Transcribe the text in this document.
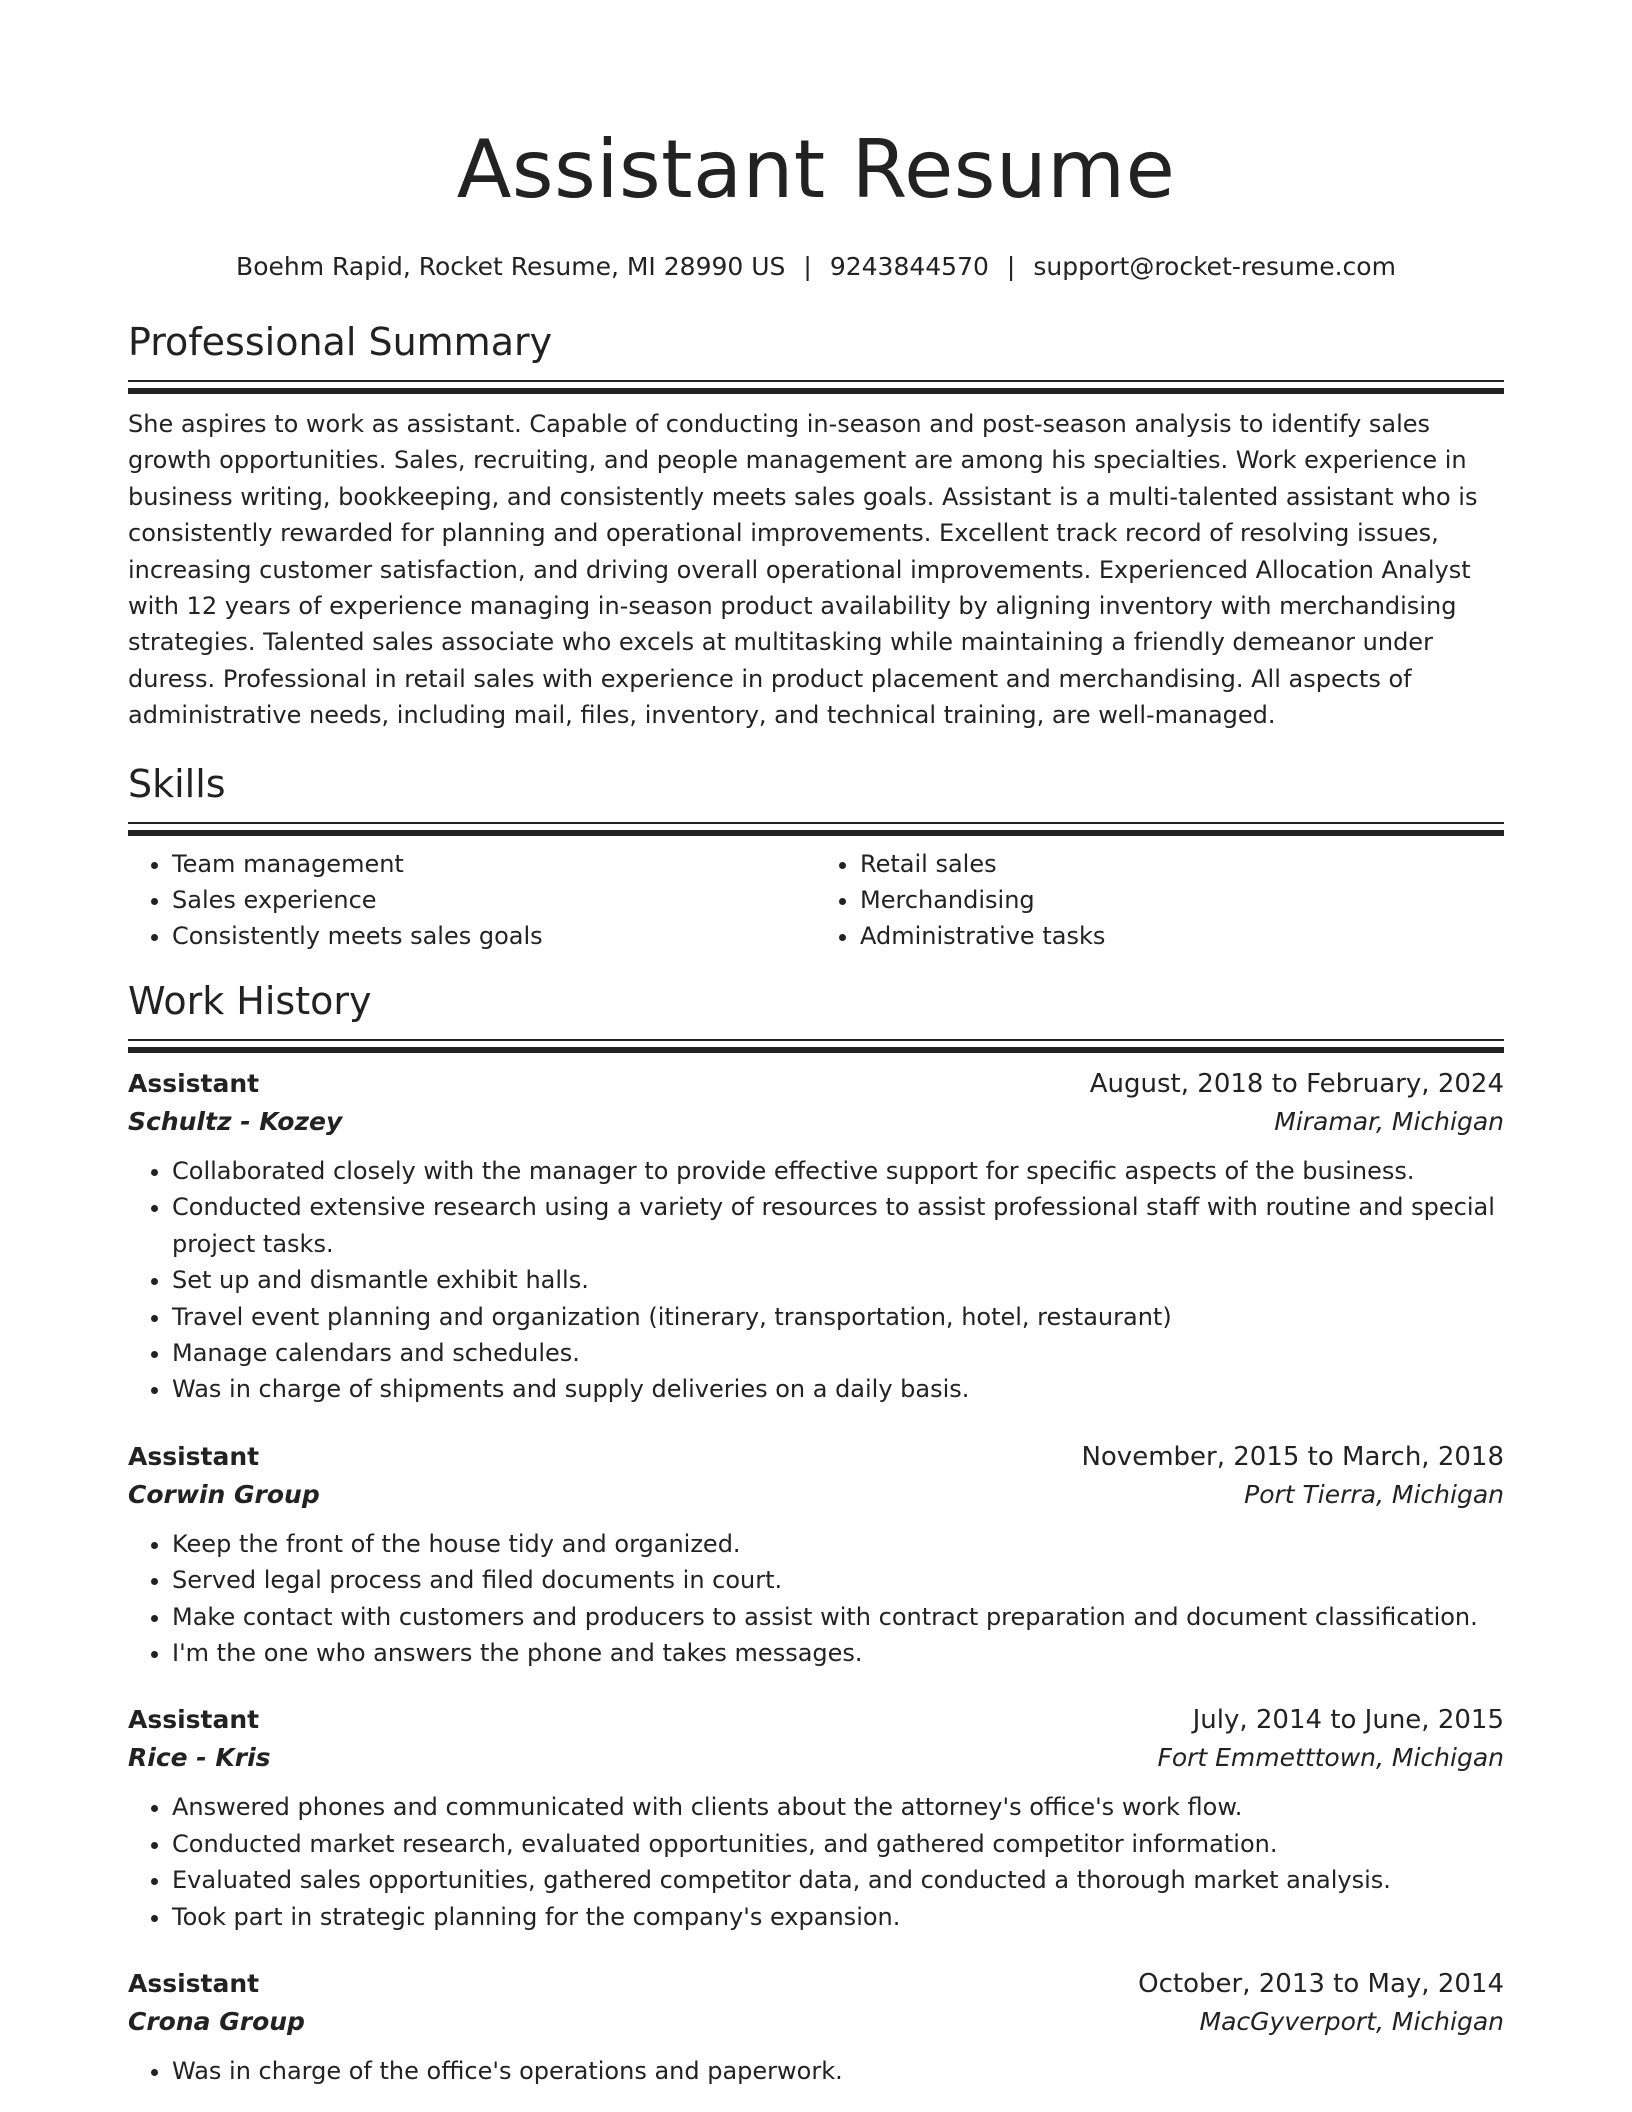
Assistant Resume
Boehm Rapid, Rocket Resume, MI 28990 US | 9243844570 | support@rocket-resume.com
Professional Summary
She aspires to work as assistant. Capable of conducting in-season and post-season analysis to identify sales growth opportunities. Sales, recruiting, and people management are among his specialties. Work experience in business writing, bookkeeping, and consistently meets sales goals. Assistant is a multi-talented assistant who is consistently rewarded for planning and operational improvements. Excellent track record of resolving issues, increasing customer satisfaction, and driving overall operational improvements. Experienced Allocation Analyst with 12 years of experience managing in-season product availability by aligning inventory with merchandising strategies. Talented sales associate who excels at multitasking while maintaining a friendly demeanor under duress. Professional in retail sales with experience in product placement and merchandising. All aspects of administrative needs, including mail, files, inventory, and technical training, are well-managed.
Skills
• Team management
• Sales experience
• Consistently meets sales goals
• Retail sales
• Merchandising
• Administrative tasks
Work History
Assistant	August, 2018 to February, 2024
Schultz - Kozey	Miramar, Michigan
• Collaborated closely with the manager to provide effective support for specific aspects of the business.
• Conducted extensive research using a variety of resources to assist professional staff with routine and special project tasks.
• Set up and dismantle exhibit halls.
• Travel event planning and organization (itinerary, transportation, hotel, restaurant)
• Manage calendars and schedules.
• Was in charge of shipments and supply deliveries on a daily basis.
Assistant	November, 2015 to March, 2018
Corwin Group	Port Tierra, Michigan
• Keep the front of the house tidy and organized.
• Served legal process and filed documents in court.
• Make contact with customers and producers to assist with contract preparation and document classification.
• I'm the one who answers the phone and takes messages.
Assistant	July, 2014 to June, 2015
Rice - Kris	Fort Emmetttown, Michigan
• Answered phones and communicated with clients about the attorney's office's work flow.
• Conducted market research, evaluated opportunities, and gathered competitor information.
• Evaluated sales opportunities, gathered competitor data, and conducted a thorough market analysis.
• Took part in strategic planning for the company's expansion.
Assistant	October, 2013 to May, 2014
Crona Group	MacGyverport, Michigan
• Was in charge of the office's operations and paperwork.
